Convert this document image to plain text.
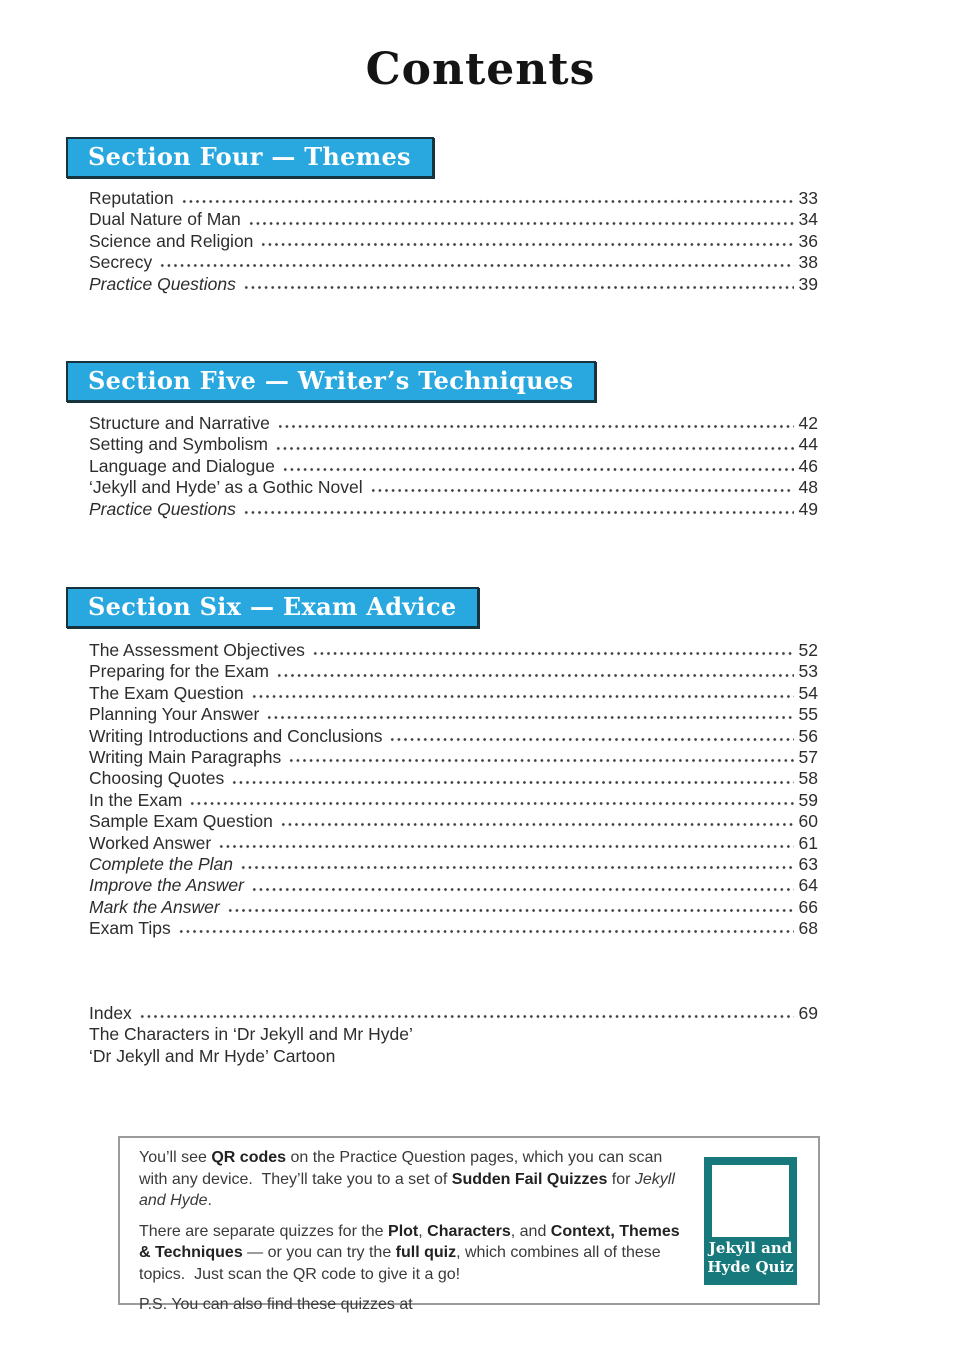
Contents
Section Four — Themes
Reputation	33
Dual Nature of Man	34
Science and Religion	36
Secrecy	38
Practice Questions	39
Section Five — Writer’s Techniques
Structure and Narrative	42
Setting and Symbolism	44
Language and Dialogue	46
‘Jekyll and Hyde’ as a Gothic Novel	48
Practice Questions	49
Section Six — Exam Advice
The Assessment Objectives	52
Preparing for the Exam	53
The Exam Question	54
Planning Your Answer	55
Writing Introductions and Conclusions	56
Writing Main Paragraphs	57
Choosing Quotes	58
In the Exam	59
Sample Exam Question	60
Worked Answer	61
Complete the Plan	63
Improve the Answer	64
Mark the Answer	66
Exam Tips	68
Index	69
The Characters in ‘Dr Jekyll and Mr Hyde’
‘Dr Jekyll and Mr Hyde’ Cartoon

You’ll see QR codes on the Practice Question pages, which you can scan with any device.  They’ll take you to a set of Sudden Fail Quizzes for Jekyll and Hyde.

There are separate quizzes for the Plot, Characters, and Context, Themes & Techniques — or you can try the full quiz, which combines all of these topics.  Just scan the QR code to give it a go!

P.S. You can also find these quizzes at

Jekyll and
Hyde Quiz
